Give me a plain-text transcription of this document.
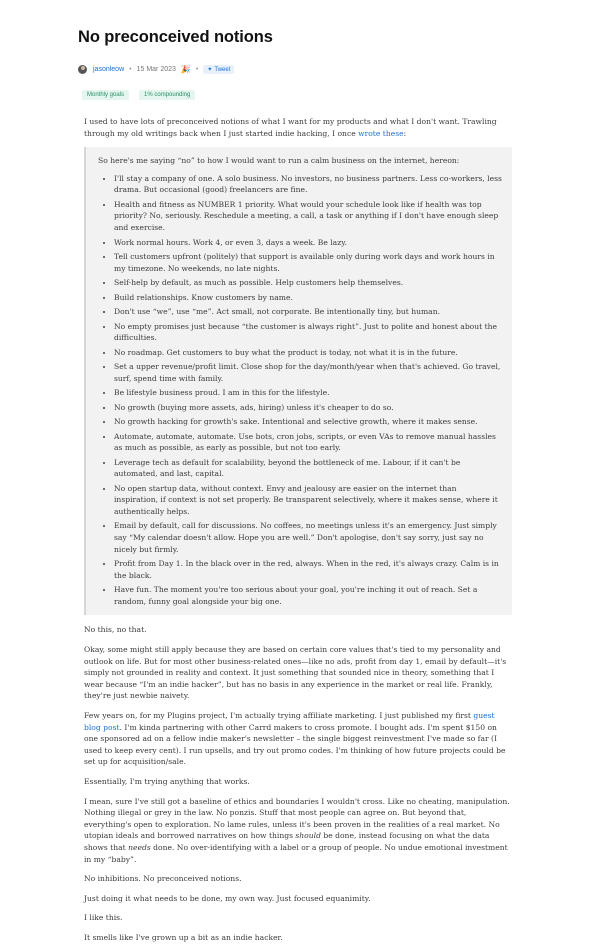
No preconceived notions
jasonleow • 15 Mar 2023 🎉 • ✦ Tweet
Monthly goals	1% compounding

I used to have lots of preconceived notions of what I want for my products and what I don't want. Trawling through my old writings back when I just started indie hacking, I once wrote these:

So here's me saying “no” to how I would want to run a calm business on the internet, hereon:

• I'll stay a company of one. A solo business. No investors, no business partners. Less co-workers, less drama. But occasional (good) freelancers are fine.
• Health and fitness as NUMBER 1 priority. What would your schedule look like if health was top priority? No, seriously. Reschedule a meeting, a call, a task or anything if I don't have enough sleep and exercise.
• Work normal hours. Work 4, or even 3, days a week. Be lazy.
• Tell customers upfront (politely) that support is available only during work days and work hours in my timezone. No weekends, no late nights.
• Self-help by default, as much as possible. Help customers help themselves.
• Build relationships. Know customers by name.
• Don't use “we”, use “me”. Act small, not corporate. Be intentionally tiny, but human.
• No empty promises just because “the customer is always right”. Just to polite and honest about the difficulties.
• No roadmap. Get customers to buy what the product is today, not what it is in the future.
• Set a upper revenue/profit limit. Close shop for the day/month/year when that's achieved. Go travel, surf, spend time with family.
• Be lifestyle business proud. I am in this for the lifestyle.
• No growth (buying more assets, ads, hiring) unless it's cheaper to do so.
• No growth hacking for growth's sake. Intentional and selective growth, where it makes sense.
• Automate, automate, automate. Use bots, cron jobs, scripts, or even VAs to remove manual hassles as much as possible, as early as possible, but not too early.
• Leverage tech as default for scalability, beyond the bottleneck of me. Labour, if it can't be automated, and last, capital.
• No open startup data, without context. Envy and jealousy are easier on the internet than inspiration, if context is not set properly. Be transparent selectively, where it makes sense, where it authentically helps.
• Email by default, call for discussions. No coffees, no meetings unless it's an emergency. Just simply say “My calendar doesn't allow. Hope you are well.” Don't apologise, don't say sorry, just say no nicely but firmly.
• Profit from Day 1. In the black over in the red, always. When in the red, it's always crazy. Calm is in the black.
• Have fun. The moment you're too serious about your goal, you're inching it out of reach. Set a random, funny goal alongside your big one.

No this, no that.

Okay, some might still apply because they are based on certain core values that's tied to my personality and outlook on life. But for most other business-related ones—like no ads, profit from day 1, email by default—it's simply not grounded in reality and context. It just something that sounded nice in theory, something that I wear because “I'm an indie hacker”, but has no basis in any experience in the market or real life. Frankly, they're just newbie naivety.

Few years on, for my Plugins project, I'm actually trying affiliate marketing. I just published my first guest blog post. I'm kinda partnering with other Carrd makers to cross promote. I bought ads. I'm spent $150 on one sponsored ad on a fellow indie maker's newsletter – the single biggest reinvestment I've made so far (I used to keep every cent). I run upsells, and try out promo codes. I'm thinking of how future projects could be set up for acquisition/sale.

Essentially, I'm trying anything that works.

I mean, sure I've still got a baseline of ethics and boundaries I wouldn't cross. Like no cheating, manipulation. Nothing illegal or grey in the law. No ponzis. Stuff that most people can agree on. But beyond that, everything's open to exploration. No lame rules, unless it's been proven in the realities of a real market. No utopian ideals and borrowed narratives on how things should be done, instead focusing on what the data shows that needs done. No over-identifying with a label or a group of people. No undue emotional investment in my “baby”.

No inhibitions. No preconceived notions.

Just doing it what needs to be done, my own way. Just focused equanimity.

I like this.

It smells like I've grown up a bit as an indie hacker.
